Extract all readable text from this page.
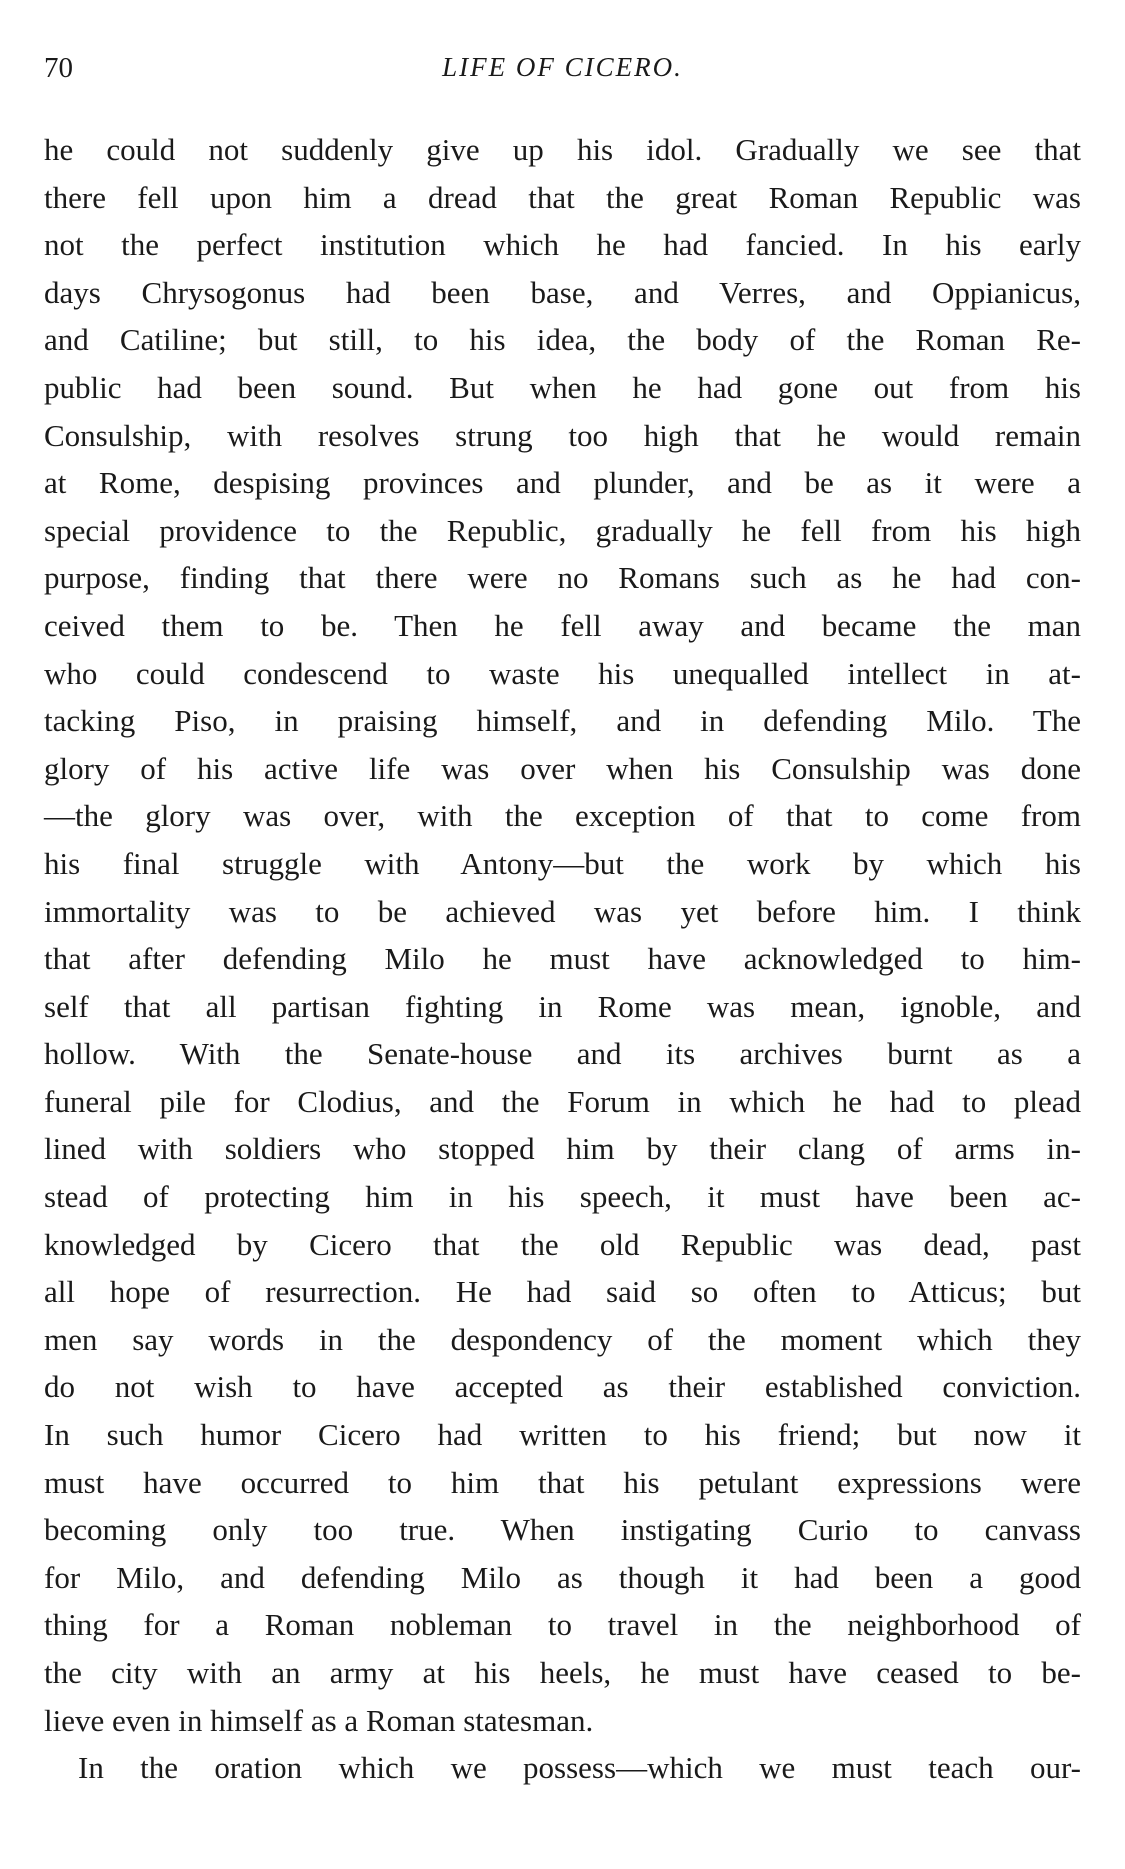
70	LIFE OF CICERO.
he could not suddenly give up his idol. Gradually we see that
there fell upon him a dread that the great Roman Republic was
not the perfect institution which he had fancied. In his early
days Chrysogonus had been base, and Verres, and Oppianicus,
and Catiline; but still, to his idea, the body of the Roman Re-
public had been sound. But when he had gone out from his
Consulship, with resolves strung too high that he would remain
at Rome, despising provinces and plunder, and be as it were a
special providence to the Republic, gradually he fell from his high
purpose, finding that there were no Romans such as he had con-
ceived them to be. Then he fell away and became the man
who could condescend to waste his unequalled intellect in at-
tacking Piso, in praising himself, and in defending Milo. The
glory of his active life was over when his Consulship was done
—the glory was over, with the exception of that to come from
his final struggle with Antony—but the work by which his
immortality was to be achieved was yet before him. I think
that after defending Milo he must have acknowledged to him-
self that all partisan fighting in Rome was mean, ignoble, and
hollow. With the Senate-house and its archives burnt as a
funeral pile for Clodius, and the Forum in which he had to plead
lined with soldiers who stopped him by their clang of arms in-
stead of protecting him in his speech, it must have been ac-
knowledged by Cicero that the old Republic was dead, past
all hope of resurrection. He had said so often to Atticus; but
men say words in the despondency of the moment which they
do not wish to have accepted as their established conviction.
In such humor Cicero had written to his friend; but now it
must have occurred to him that his petulant expressions were
becoming only too true. When instigating Curio to canvass
for Milo, and defending Milo as though it had been a good
thing for a Roman nobleman to travel in the neighborhood of
the city with an army at his heels, he must have ceased to be-
lieve even in himself as a Roman statesman.
In the oration which we possess—which we must teach our-
